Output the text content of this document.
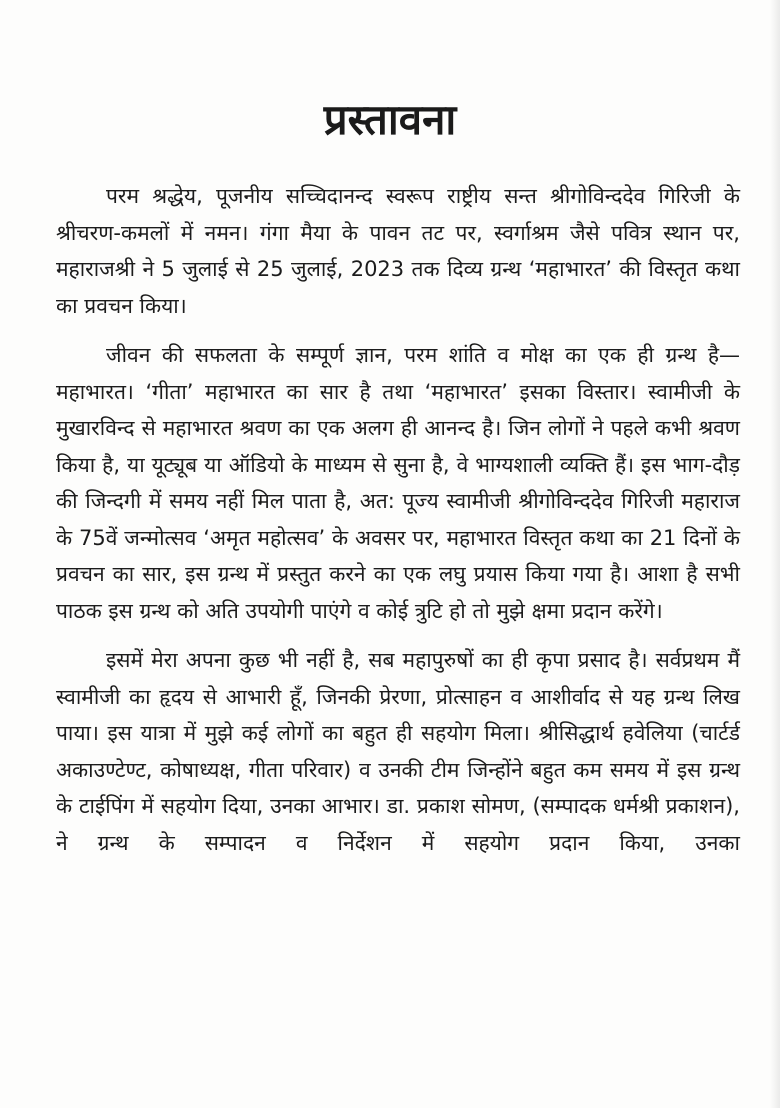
प्रस्तावना

परम श्रद्धेय, पूजनीय सच्चिदानन्द स्वरूप राष्ट्रीय सन्त श्रीगोविन्ददेव गिरिजी के श्रीचरण-कमलों में नमन। गंगा मैया के पावन तट पर, स्वर्गाश्रम जैसे पवित्र स्थान पर, महाराजश्री ने 5 जुलाई से 25 जुलाई, 2023 तक दिव्य ग्रन्थ ‘महाभारत’ की विस्तृत कथा का प्रवचन किया।

जीवन की सफलता के सम्पूर्ण ज्ञान, परम शांति व मोक्ष का एक ही ग्रन्थ है—महाभारत। ‘गीता’ महाभारत का सार है तथा ‘महाभारत’ इसका विस्तार। स्वामीजी के मुखारविन्द से महाभारत श्रवण का एक अलग ही आनन्द है। जिन लोगों ने पहले कभी श्रवण किया है, या यूट्यूब या ऑडियो के माध्यम से सुना है, वे भाग्यशाली व्यक्ति हैं। इस भाग-दौड़ की जिन्दगी में समय नहीं मिल पाता है, अत: पूज्य स्वामीजी श्रीगोविन्ददेव गिरिजी महाराज के 75वें जन्मोत्सव ‘अमृत महोत्सव’ के अवसर पर, महाभारत विस्तृत कथा का 21 दिनों के प्रवचन का सार, इस ग्रन्थ में प्रस्तुत करने का एक लघु प्रयास किया गया है। आशा है सभी पाठक इस ग्रन्थ को अति उपयोगी पाएंगे व कोई त्रुटि हो तो मुझे क्षमा प्रदान करेंगे।

इसमें मेरा अपना कुछ भी नहीं है, सब महापुरुषों का ही कृपा प्रसाद है। सर्वप्रथम मैं स्वामीजी का हृदय से आभारी हूँ, जिनकी प्रेरणा, प्रोत्साहन व आशीर्वाद से यह ग्रन्थ लिख पाया। इस यात्रा में मुझे कई लोगों का बहुत ही सहयोग मिला। श्रीसिद्धार्थ हवेलिया (चार्टर्ड अकाउण्टेण्ट, कोषाध्यक्ष, गीता परिवार) व उनकी टीम जिन्होंने बहुत कम समय में इस ग्रन्थ के टाईपिंग में सहयोग दिया, उनका आभार। डा. प्रकाश सोमण, (सम्पादक धर्मश्री प्रकाशन), ने ग्रन्थ के सम्पादन व निर्देशन में सहयोग प्रदान किया, उनका
